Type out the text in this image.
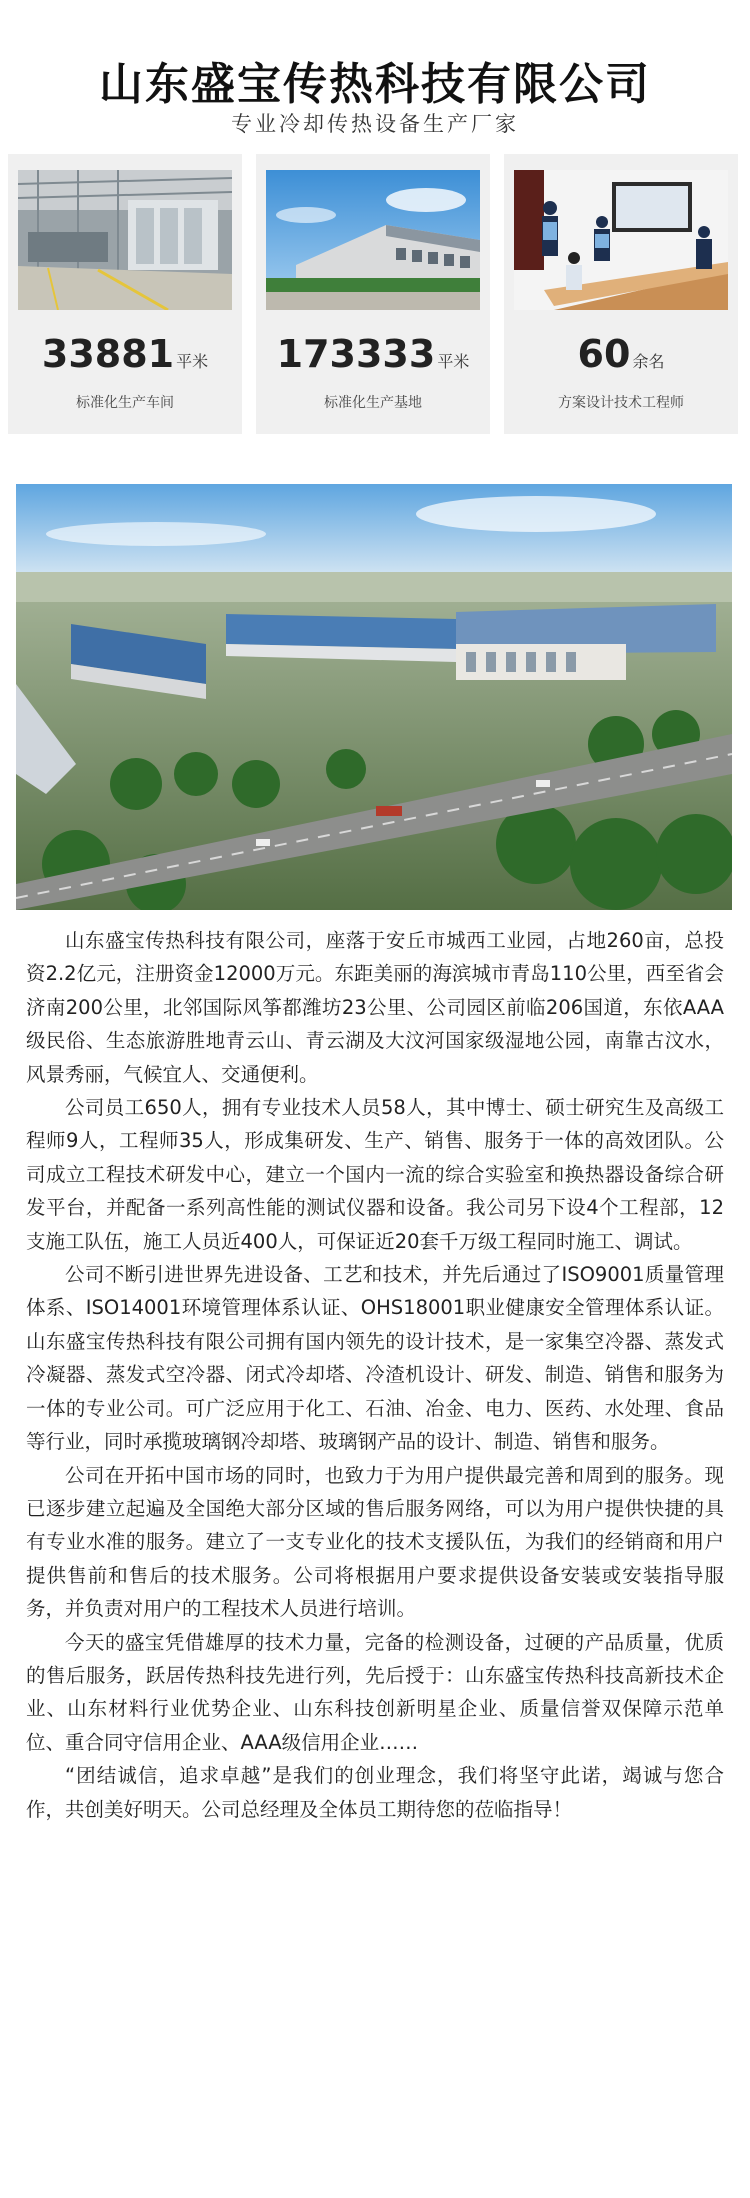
山东盛宝传热科技有限公司
专业冷却传热设备生产厂家
33881 平米
标准化生产车间
173333 平米
标准化生产基地
60 余名
方案设计技术工程师

山东盛宝传热科技有限公司，座落于安丘市城西工业园，占地260亩，总投资2.2亿元，注册资金12000万元。东距美丽的海滨城市青岛110公里，西至省会济南200公里，北邻国际风筝都潍坊23公里、公司园区前临206国道，东依AAA级民俗、生态旅游胜地青云山、青云湖及大汶河国家级湿地公园，南靠古汶水，风景秀丽，气候宜人、交通便利。

公司员工650人，拥有专业技术人员58人，其中博士、硕士研究生及高级工程师9人，工程师35人，形成集研发、生产、销售、服务于一体的高效团队。公司成立工程技术研发中心，建立一个国内一流的综合实验室和换热器设备综合研发平台，并配备一系列高性能的测试仪器和设备。我公司另下设4个工程部，12支施工队伍，施工人员近400人，可保证近20套千万级工程同时施工、调试。

公司不断引进世界先进设备、工艺和技术，并先后通过了ISO9001质量管理体系、ISO14001环境管理体系认证、OHS18001职业健康安全管理体系认证。山东盛宝传热科技有限公司拥有国内领先的设计技术，是一家集空冷器、蒸发式冷凝器、蒸发式空冷器、闭式冷却塔、冷渣机设计、研发、制造、销售和服务为一体的专业公司。可广泛应用于化工、石油、冶金、电力、医药、水处理、食品等行业，同时承揽玻璃钢冷却塔、玻璃钢产品的设计、制造、销售和服务。

公司在开拓中国市场的同时，也致力于为用户提供最完善和周到的服务。现已逐步建立起遍及全国绝大部分区域的售后服务网络，可以为用户提供快捷的具有专业水准的服务。建立了一支专业化的技术支援队伍，为我们的经销商和用户提供售前和售后的技术服务。公司将根据用户要求提供设备安装或安装指导服务，并负责对用户的工程技术人员进行培训。

今天的盛宝凭借雄厚的技术力量，完备的检测设备，过硬的产品质量，优质的售后服务，跃居传热科技先进行列，先后授于：山东盛宝传热科技高新技术企业、山东材料行业优势企业、山东科技创新明星企业、质量信誉双保障示范单位、重合同守信用企业、AAA级信用企业……

“团结诚信，追求卓越”是我们的创业理念，我们将坚守此诺，竭诚与您合作，共创美好明天。公司总经理及全体员工期待您的莅临指导！
